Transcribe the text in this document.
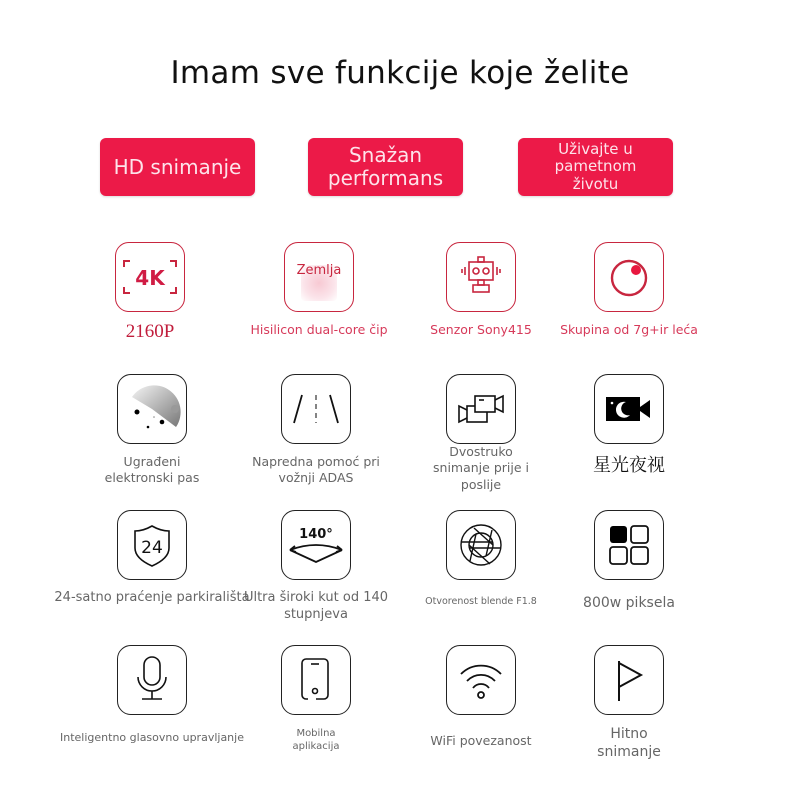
Imam sve funkcije koje želite
HD snimanje	Snažan performans
Uživajte u pametnom životu
4K
2160P
Zemlja
Hisilicon dual-core čip	Senzor Sony415	Skupina od 7g+ir leća
Ugrađeni elektronski pas
Napredna pomoć pri vožnji ADAS
Dvostruko snimanje prije i poslije
星光夜视
24
24-satno praćenje parkirališta
140°
Ultra široki kut od 140 stupnjeva
Otvorenost blende F1.8	800w piksela
Inteligentno glasovno upravljanje	Mobilna aplikacija	WiFi povezanost	Hitno snimanje
